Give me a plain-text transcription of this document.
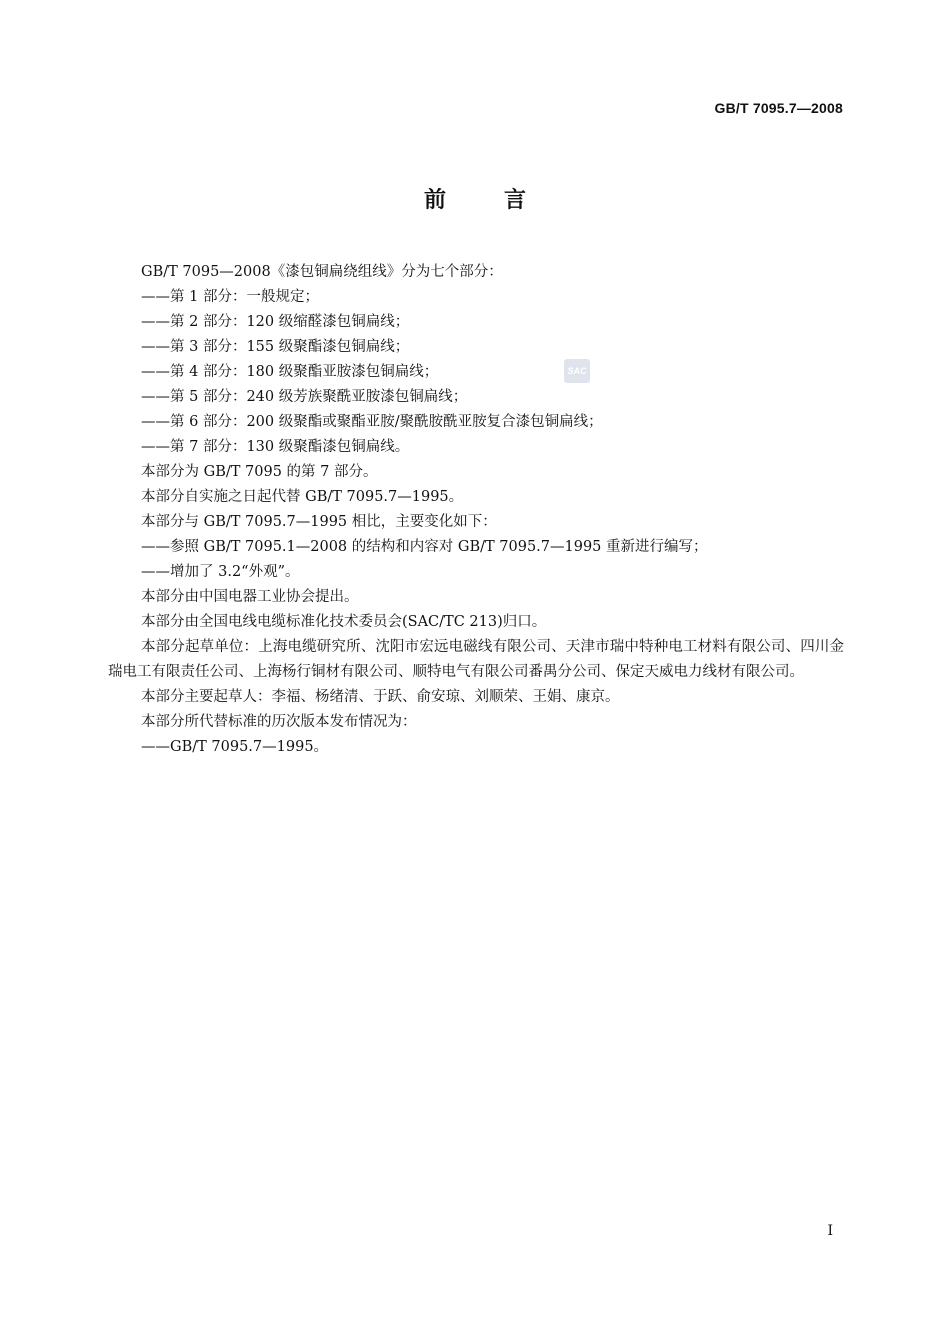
GB/T 7095.7—2008
前言
SAC

GB/T 7095—2008《漆包铜扁绕组线》分为七个部分：

——第 1 部分：一般规定；

——第 2 部分：120 级缩醛漆包铜扁线；

——第 3 部分：155 级聚酯漆包铜扁线；

——第 4 部分：180 级聚酯亚胺漆包铜扁线；

——第 5 部分：240 级芳族聚酰亚胺漆包铜扁线；

——第 6 部分：200 级聚酯或聚酯亚胺/聚酰胺酰亚胺复合漆包铜扁线；

——第 7 部分：130 级聚酯漆包铜扁线。

本部分为 GB/T 7095 的第 7 部分。

本部分自实施之日起代替 GB/T 7095.7—1995。

本部分与 GB/T 7095.7—1995 相比，主要变化如下：

——参照 GB/T 7095.1—2008 的结构和内容对 GB/T 7095.7—1995 重新进行编写；

——增加了 3.2“外观”。

本部分由中国电器工业协会提出。

本部分由全国电线电缆标准化技术委员会(SAC/TC 213)归口。

本部分起草单位：上海电缆研究所、沈阳市宏远电磁线有限公司、天津市瑞中特种电工材料有限公司、四川金瑞电工有限责任公司、上海杨行铜材有限公司、顺特电气有限公司番禺分公司、保定天威电力线材有限公司。

本部分主要起草人：李福、杨绪清、于跃、俞安琼、刘顺荣、王娟、康京。

本部分所代替标准的历次版本发布情况为：

——GB/T 7095.7—1995。

I
